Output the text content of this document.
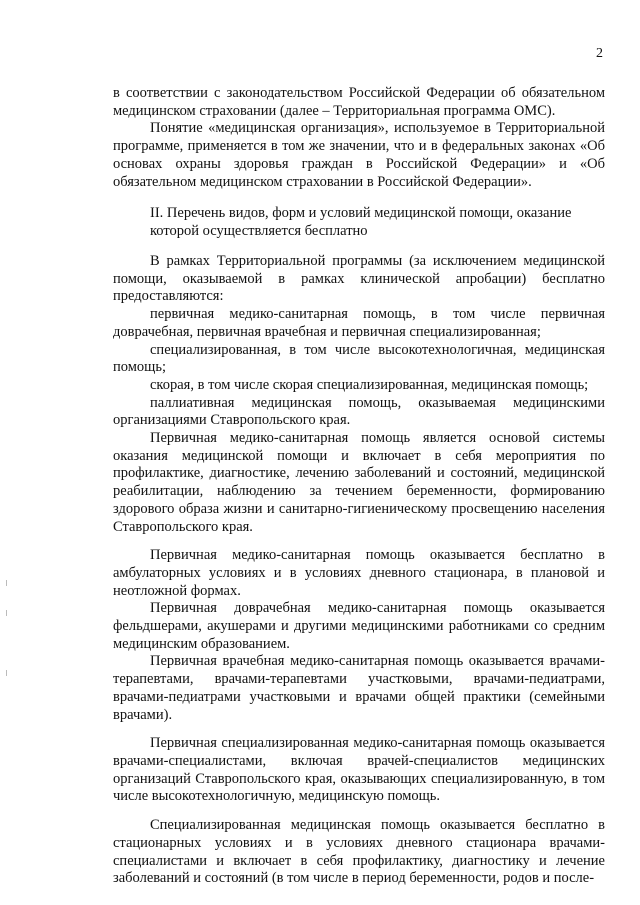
2

в соответствии с законодательством Российской Федерации об обязательном медицинском страховании (далее – Территориальная программа ОМС).

Понятие «медицинская организация», используемое в Территориальной программе, применяется в том же значении, что и в федеральных законах «Об основах охраны здоровья граждан в Российской Федерации» и «Об обязательном медицинском страховании в Российской Федерации».

II. Перечень видов, форм и условий медицинской помощи, оказание которой осуществляется бесплатно

В рамках Территориальной программы (за исключением медицинской помощи, оказываемой в рамках клинической апробации) бесплатно предоставляются:

первичная медико-санитарная помощь, в том числе первичная доврачебная, первичная врачебная и первичная специализированная;

специализированная, в том числе высокотехнологичная, медицинская помощь;

скорая, в том числе скорая специализированная, медицинская помощь;

паллиативная медицинская помощь, оказываемая медицинскими организациями Ставропольского края.

Первичная медико-санитарная помощь является основой системы оказания медицинской помощи и включает в себя мероприятия по профилактике, диагностике, лечению заболеваний и состояний, медицинской реабилитации, наблюдению за течением беременности, формированию здорового образа жизни и санитарно-гигиеническому просвещению населения Ставропольского края.

Первичная медико-санитарная помощь оказывается бесплатно в амбулаторных условиях и в условиях дневного стационара, в плановой и неотложной формах.

Первичная доврачебная медико-санитарная помощь оказывается фельдшерами, акушерами и другими медицинскими работниками со средним медицинским образованием.

Первичная врачебная медико-санитарная помощь оказывается врачами-терапевтами, врачами-терапевтами участковыми, врачами-педиатрами, врачами-педиатрами участковыми и врачами общей практики (семейными врачами).

Первичная специализированная медико-санитарная помощь оказывается врачами-специалистами, включая врачей-специалистов медицинских организаций Ставропольского края, оказывающих специализированную, в том числе высокотехнологичную, медицинскую помощь.

Специализированная медицинская помощь оказывается бесплатно в стационарных условиях и в условиях дневного стационара врачами-специалистами и включает в себя профилактику, диагностику и лечение заболеваний и состояний (в том числе в период беременности, родов и после-
